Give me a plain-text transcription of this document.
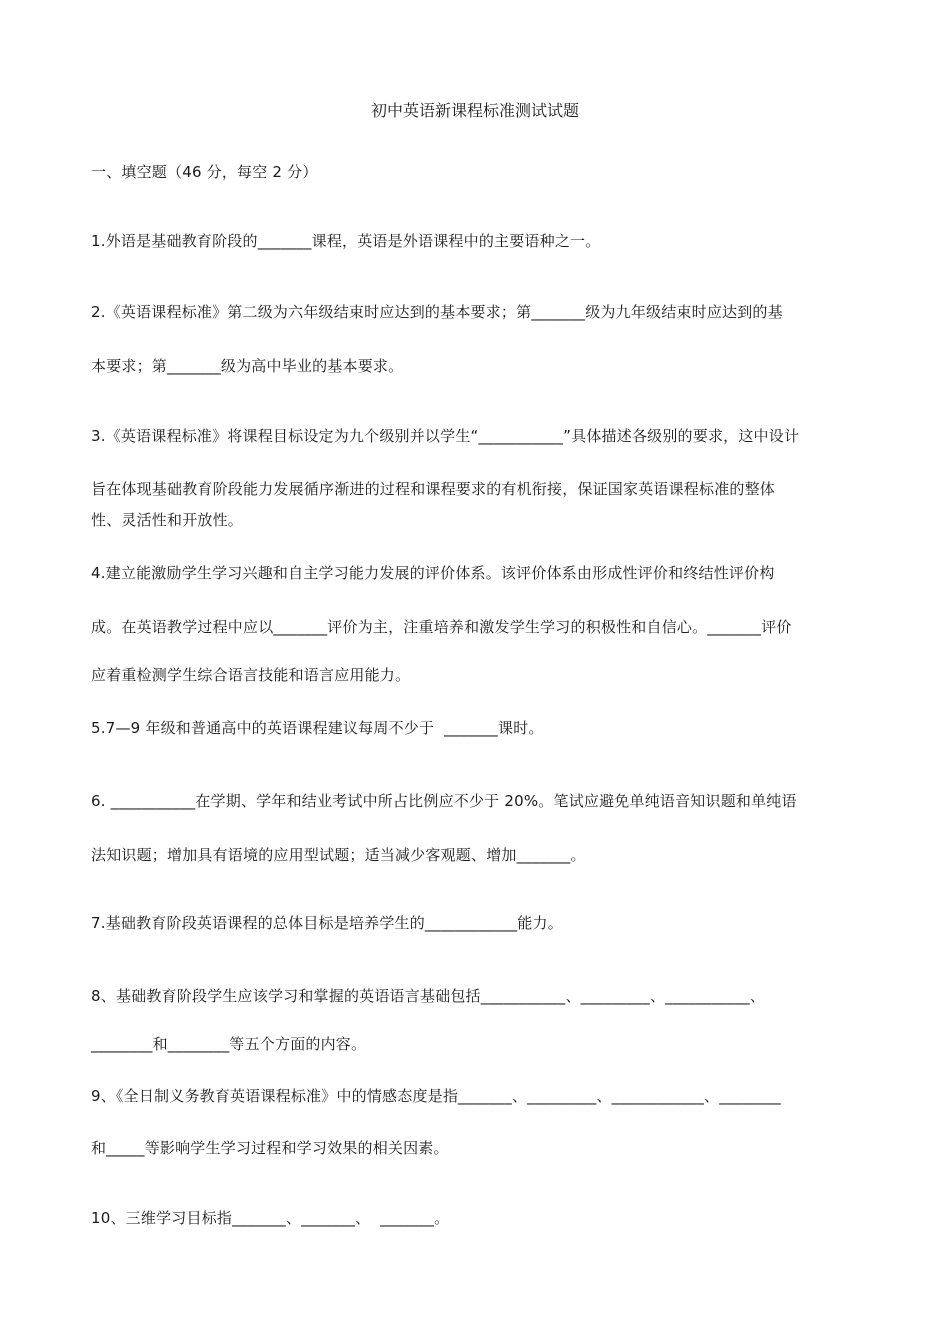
初中英语新课程标准测试试题
一、填空题（46 分，每空 2 分）
1.外语是基础教育阶段的_______课程，英语是外语课程中的主要语种之一。
2.《英语课程标准》第二级为六年级结束时应达到的基本要求；第_______级为九年级结束时应达到的基
本要求；第_______级为高中毕业的基本要求。
3.《英语课程标准》将课程目标设定为九个级别并以学生“___________”具体描述各级别的要求，这中设计
旨在体现基础教育阶段能力发展循序渐进的过程和课程要求的有机衔接，保证国家英语课程标准的整体
性、灵活性和开放性。
4.建立能激励学生学习兴趣和自主学习能力发展的评价体系。该评价体系由形成性评价和终结性评价构
成。在英语教学过程中应以_______评价为主，注重培养和激发学生学习的积极性和自信心。_______评价
应着重检测学生综合语言技能和语言应用能力。
5.7—9 年级和普通高中的英语课程建议每周不少于  _______课时。
6. ___________在学期、学年和结业考试中所占比例应不少于 20%。笔试应避免单纯语音知识题和单纯语
法知识题；增加具有语境的应用型试题；适当减少客观题、增加_______。
7.基础教育阶段英语课程的总体目标是培养学生的____________能力。
8、基础教育阶段学生应该学习和掌握的英语语言基础包括___________、_________、___________、
________和________等五个方面的内容。
9、《全日制义务教育英语课程标准》中的情感态度是指_______、_________、____________、________
和_____等影响学生学习过程和学习效果的相关因素。
10、三维学习目标指_______、_______、  _______。
